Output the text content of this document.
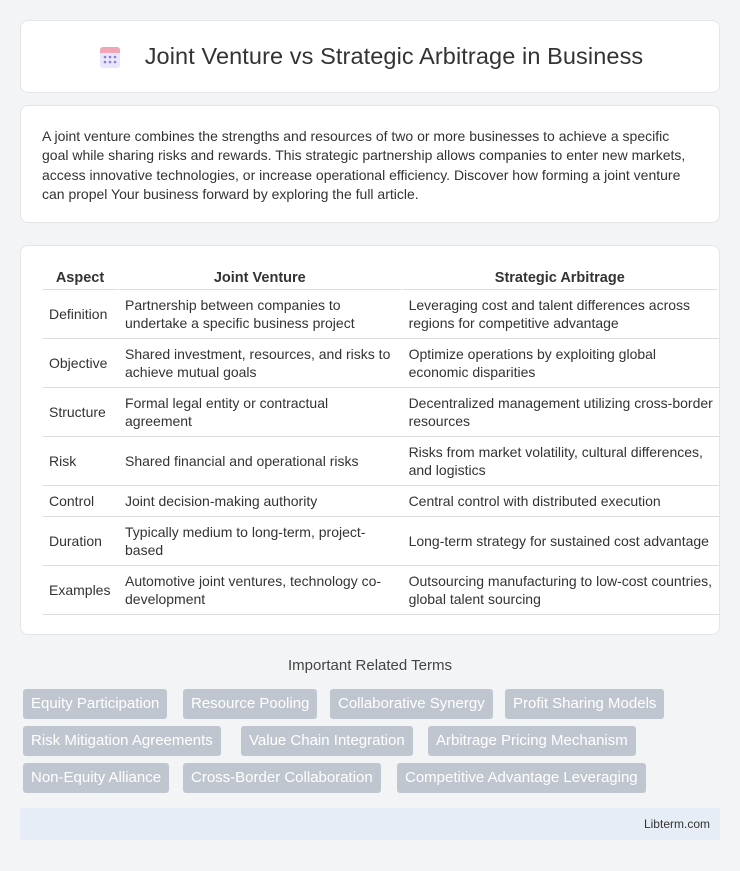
Joint Venture vs Strategic Arbitrage in Business

A joint venture combines the strengths and resources of two or more businesses to achieve a specific goal while sharing risks and rewards. This strategic partnership allows companies to enter new markets, access innovative technologies, or increase operational efficiency. Discover how forming a joint venture can propel Your business forward by exploring the full article.

Aspect	Joint Venture	Strategic Arbitrage
Definition	Partnership between companies to undertake a specific business project	Leveraging cost and talent differences across regions for competitive advantage
Objective	Shared investment, resources, and risks to achieve mutual goals	Optimize operations by exploiting global economic disparities
Structure	Formal legal entity or contractual agreement	Decentralized management utilizing cross-border resources
Risk	Shared financial and operational risks	Risks from market volatility, cultural differences, and logistics
Control	Joint decision-making authority	Central control with distributed execution
Duration	Typically medium to long-term, project-based	Long-term strategy for sustained cost advantage
Examples	Automotive joint ventures, technology co-development	Outsourcing manufacturing to low-cost countries, global talent sourcing
Important Related Terms
Equity Participation	Resource Pooling	Collaborative Synergy	Profit Sharing Models
Risk Mitigation Agreements	Value Chain Integration	Arbitrage Pricing Mechanism
Non-Equity Alliance	Cross-Border Collaboration	Competitive Advantage Leveraging
Libterm.com
